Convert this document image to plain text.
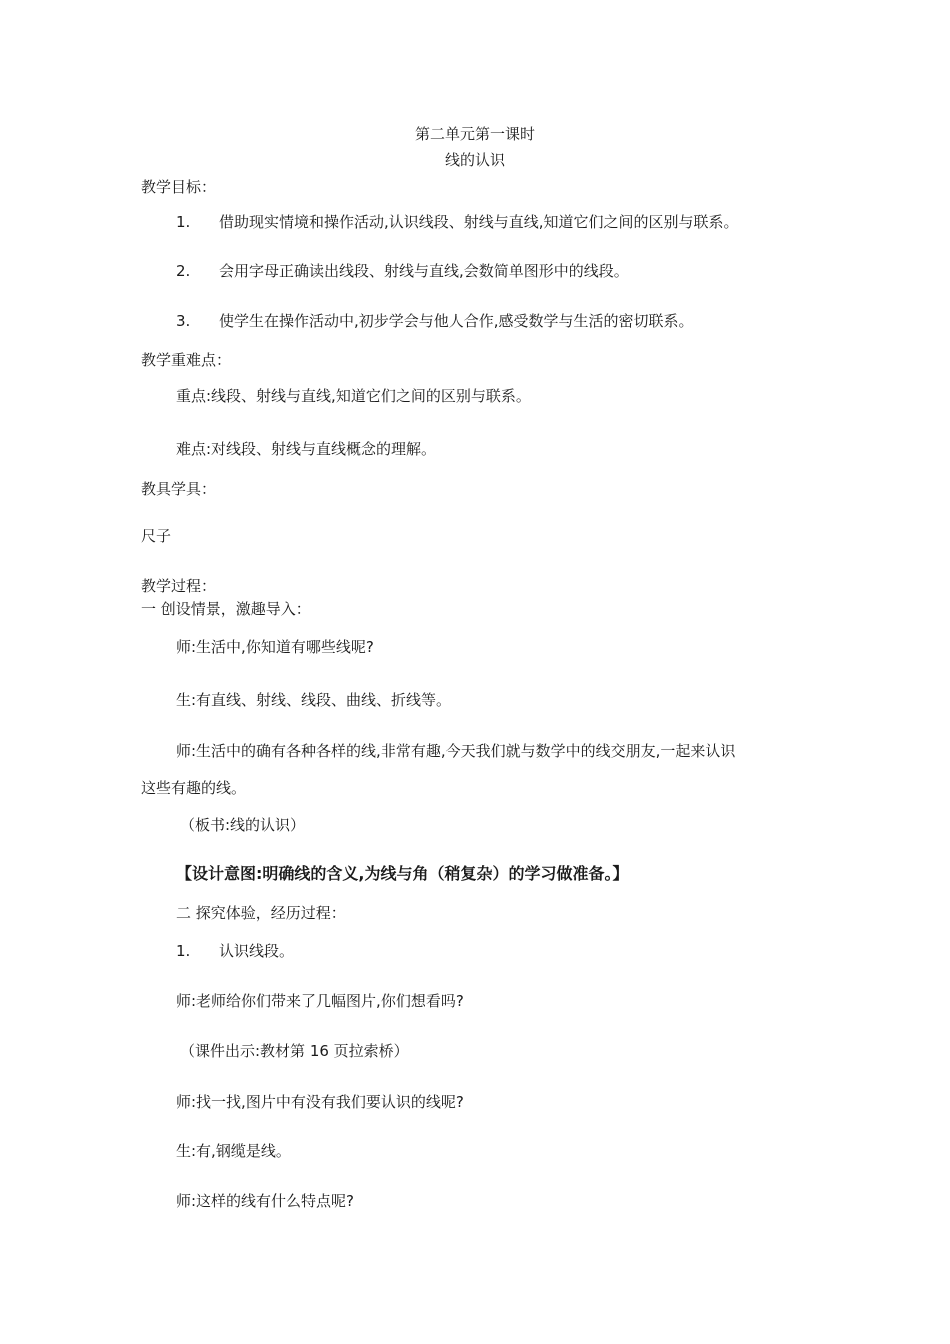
第二单元第一课时
线的认识
教学目标：
1. 借助现实情境和操作活动,认识线段、射线与直线,知道它们之间的区别与联系。
2. 会用字母正确读出线段、射线与直线,会数简单图形中的线段。
3. 使学生在操作活动中,初步学会与他人合作,感受数学与生活的密切联系。
教学重难点：
重点:线段、射线与直线,知道它们之间的区别与联系。
难点:对线段、射线与直线概念的理解。
教具学具：
尺子
教学过程：
一 创设情景，激趣导入：
师:生活中,你知道有哪些线呢?
生:有直线、射线、线段、曲线、折线等。
师:生活中的确有各种各样的线,非常有趣,今天我们就与数学中的线交朋友,一起来认识
这些有趣的线。
（板书:线的认识）
【设计意图:明确线的含义,为线与角（稍复杂）的学习做准备。】
二 探究体验，经历过程：
1. 认识线段。
师:老师给你们带来了几幅图片,你们想看吗?
（课件出示:教材第 16 页拉索桥）
师:找一找,图片中有没有我们要认识的线呢?
生:有,钢缆是线。
师:这样的线有什么特点呢?
